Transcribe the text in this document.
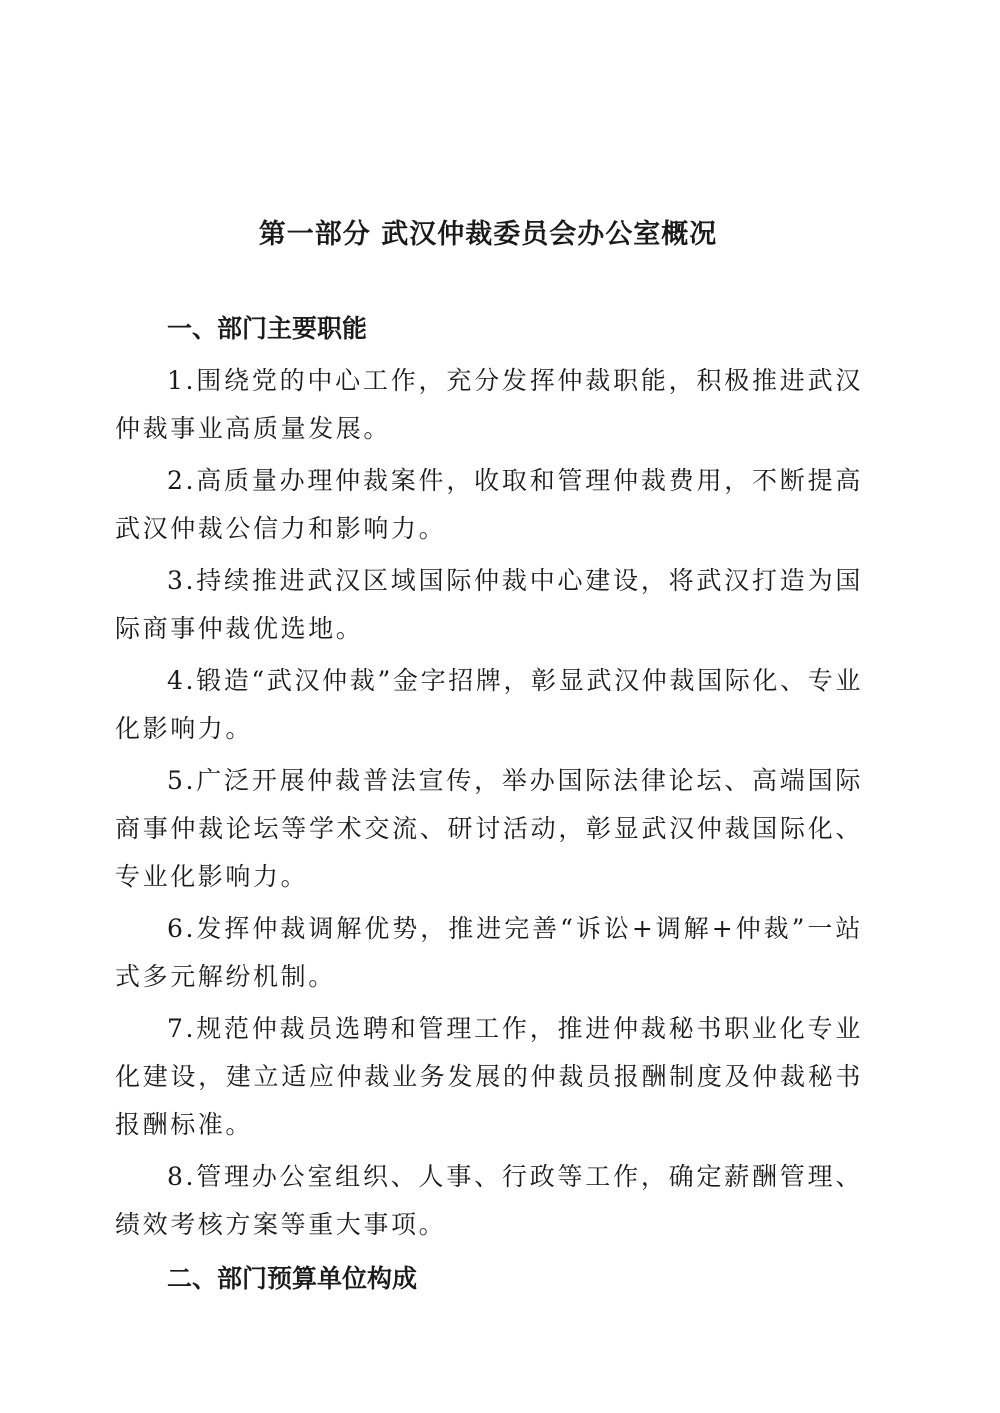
第一部分 武汉仲裁委员会办公室概况
一、部门主要职能

1.围绕党的中心工作，充分发挥仲裁职能，积极推进武汉仲裁事业高质量发展。

2.高质量办理仲裁案件，收取和管理仲裁费用，不断提高武汉仲裁公信力和影响力。

3.持续推进武汉区域国际仲裁中心建设，将武汉打造为国际商事仲裁优选地。

4.锻造“武汉仲裁”金字招牌，彰显武汉仲裁国际化、专业化影响力。

5.广泛开展仲裁普法宣传，举办国际法律论坛、高端国际商事仲裁论坛等学术交流、研讨活动，彰显武汉仲裁国际化、专业化影响力。

6.发挥仲裁调解优势，推进完善“诉讼+调解+仲裁”一站式多元解纷机制。

7.规范仲裁员选聘和管理工作，推进仲裁秘书职业化专业化建设，建立适应仲裁业务发展的仲裁员报酬制度及仲裁秘书报酬标准。

8.管理办公室组织、人事、行政等工作，确定薪酬管理、绩效考核方案等重大事项。

二、部门预算单位构成
